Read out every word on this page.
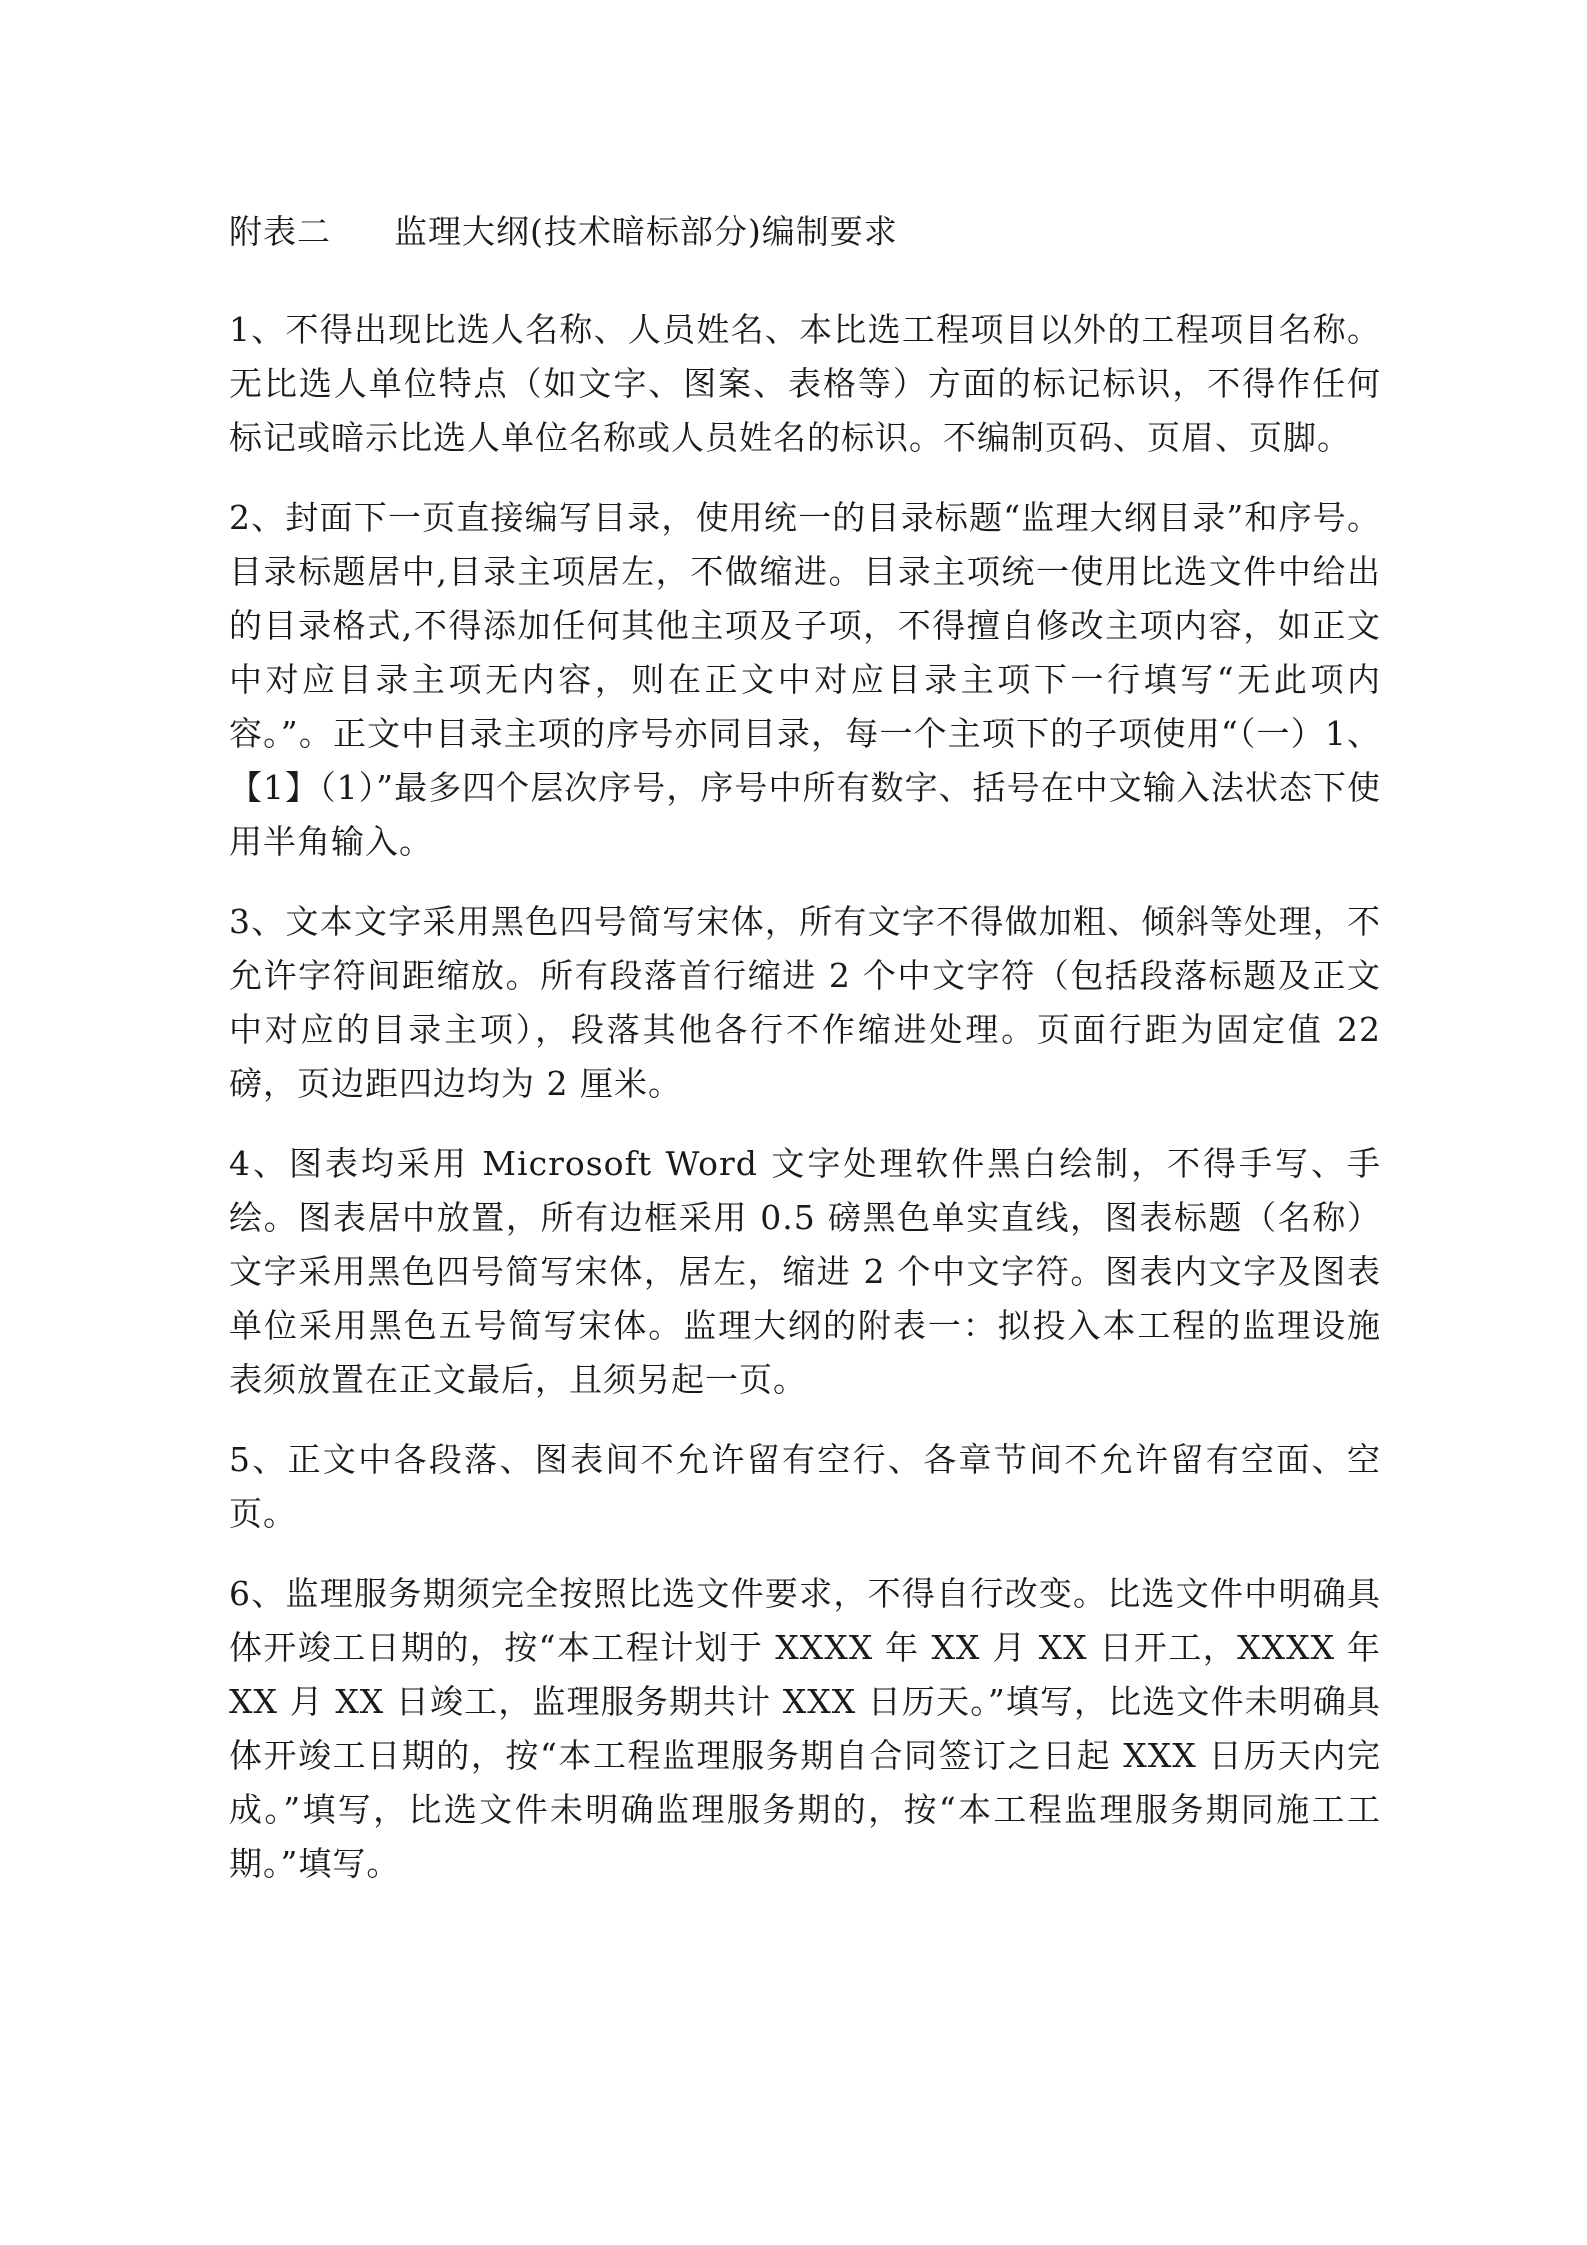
附表二	监理大纲(技术暗标部分)编制要求

1、不得出现比选人名称、人员姓名、本比选工程项目以外的工程项目名称。无比选人单位特点（如文字、图案、表格等）方面的标记标识，不得作任何标记或暗示比选人单位名称或人员姓名的标识。不编制页码、页眉、页脚。

2、封面下一页直接编写目录，使用统一的目录标题“监理大纲目录”和序号。目录标题居中,目录主项居左，不做缩进。目录主项统一使用比选文件中给出的目录格式,不得添加任何其他主项及子项，不得擅自修改主项内容，如正文中对应目录主项无内容，则在正文中对应目录主项下一行填写“无此项内容。”。正文中目录主项的序号亦同目录，每一个主项下的子项使用“（一）1、【1】（1）”最多四个层次序号，序号中所有数字、括号在中文输入法状态下使用半角输入。

3、文本文字采用黑色四号简写宋体，所有文字不得做加粗、倾斜等处理，不允许字符间距缩放。所有段落首行缩进 2 个中文字符（包括段落标题及正文中对应的目录主项），段落其他各行不作缩进处理。页面行距为固定值 22 磅，页边距四边均为 2 厘米。

4、图表均采用 Microsoft Word 文字处理软件黑白绘制，不得手写、手绘。图表居中放置，所有边框采用 0.5 磅黑色单实直线，图表标题（名称）文字采用黑色四号简写宋体，居左，缩进 2 个中文字符。图表内文字及图表单位采用黑色五号简写宋体。监理大纲的附表一：拟投入本工程的监理设施表须放置在正文最后，且须另起一页。

5、正文中各段落、图表间不允许留有空行、各章节间不允许留有空面、空页。

6、监理服务期须完全按照比选文件要求，不得自行改变。比选文件中明确具体开竣工日期的，按“本工程计划于 XXXX 年 XX 月 XX 日开工，XXXX 年 XX 月 XX 日竣工，监理服务期共计 XXX 日历天。”填写，比选文件未明确具体开竣工日期的，按“本工程监理服务期自合同签订之日起 XXX 日历天内完成。”填写，比选文件未明确监理服务期的，按“本工程监理服务期同施工工期。”填写。
